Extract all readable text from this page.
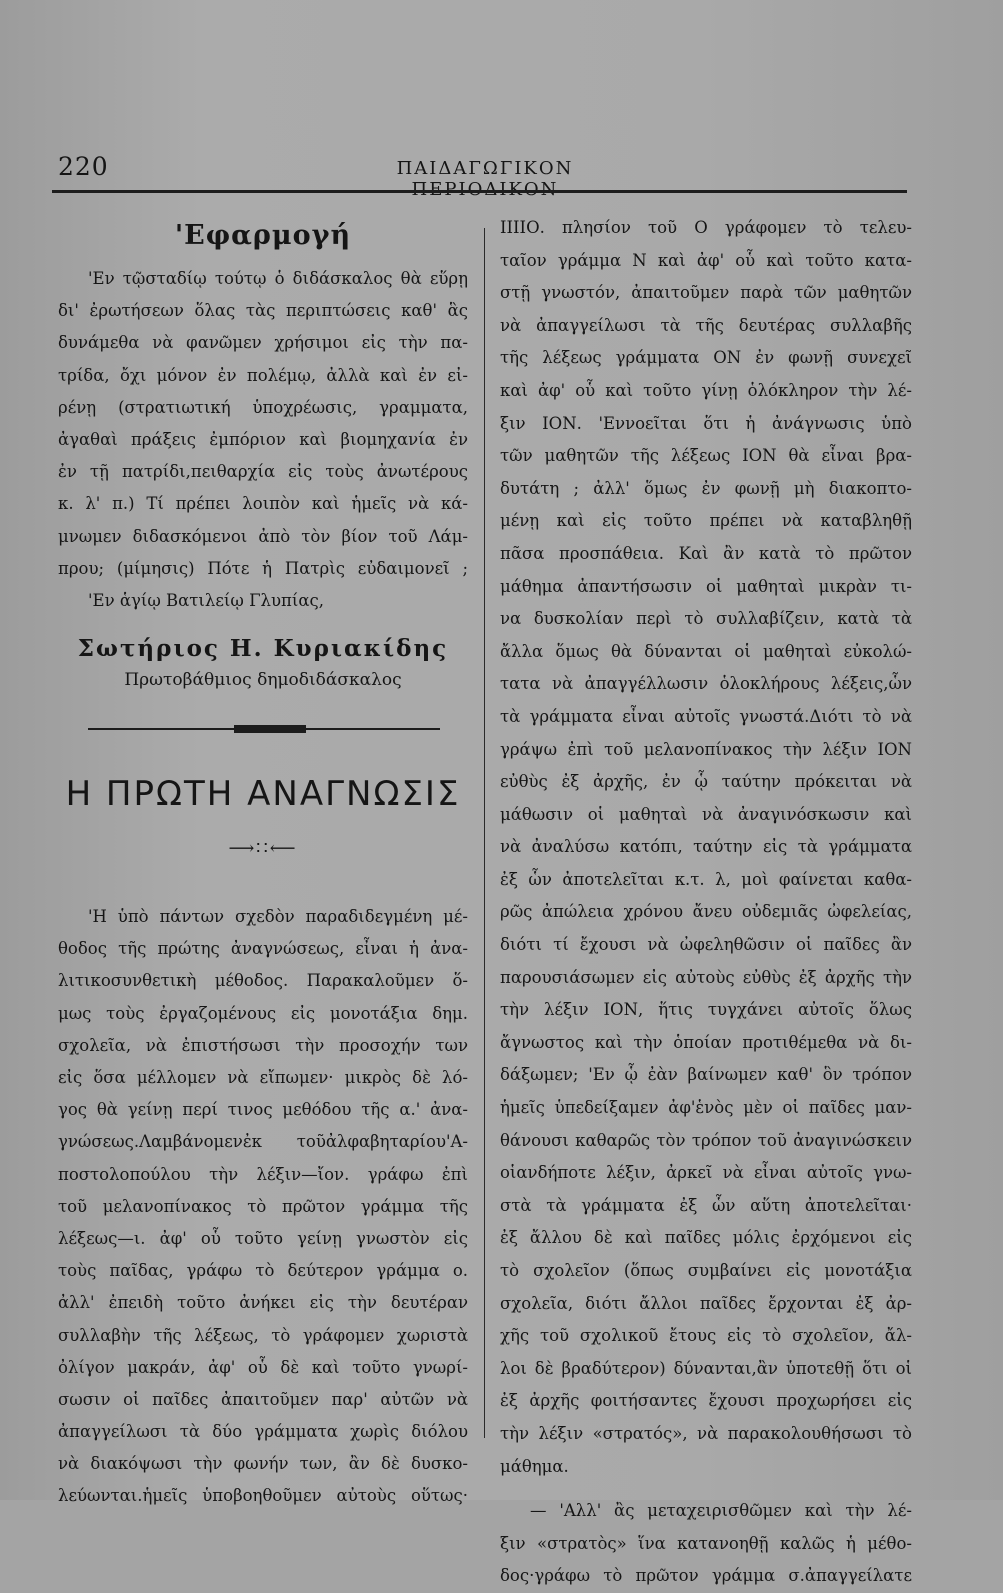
220	ΠΑΙΔΑΓΩΓΙΚΟΝ
'Εφαρμογή
'Εν τῷσταδίῳ τούτῳ ὁ διδάσκαλος θὰ εὕρῃ
δι' ἐρωτήσεων ὅλας τὰς περιπτώσεις καθ' ἃς
δυνάμεθα νὰ φανῶμεν χρήσιμοι εἰς τὴν πα-
τρίδα, ὄχι μόνον ἐν πολέμῳ, ἀλλὰ καὶ ἐν εἰ-
ρένῃ (στρατιωτική ὑποχρέωσις, γραμματα,
ἀγαθαὶ πράξεις ἐμπόριον καὶ βιομηχανία ἐν
ἐν τῇ πατρίδι,πειθαρχία εἰς τοὺς ἀνωτέρους
κ. λ' π.) Τί πρέπει λοιπὸν καὶ ἡμεῖς νὰ κά-
μνωμεν διδασκόμενοι ἀπὸ τὸν βίον τοῦ Λάμ-
πρου; (μίμησις) Πότε ἡ Πατρὶς εὐδαιμονεῖ ;
'Εν ἁγίῳ Βατιλείῳ Γλυπίας,
Σωτήριος Η. Κυριακίδης
Πρωτοβάθμιος δημοδιδάσκαλος
Η ΠΡΩΤΗ ΑΝΑΓΝΩΣΙΣ
⟶∷⟵
'Η ὑπὸ πάντων σχεδὸν παραδιδεγμένη μέ-
θοδος τῆς πρώτης ἀναγνώσεως, εἶναι ἡ ἀνα-
λιτικοσυνθετικὴ μέθοδος. Παρακαλοῦμεν ὅ-
μως τοὺς ἐργαζομένους εἰς μονοτάξια δημ.
σχολεῖα, νὰ ἐπιστήσωσι τὴν προσοχήν των
εἰς ὅσα μέλλομεν νὰ εἴπωμεν· μικρὸς δὲ λό-
γος θὰ γείνῃ περί τινος μεθόδου τῆς α.' ἀνα-
γνώσεως.Λαμβάνομενἐκ τοῦἀλφαβηταρίου'Α-
ποστολοπούλου τὴν λέξιν—ἴον. γράφω ἐπὶ
τοῦ μελανοπίνακος τὸ πρῶτον γράμμα τῆς
λέξεως—ι. ἀφ' οὗ τοῦτο γείνῃ γνωστὸν εἰς
τοὺς παῖδας, γράφω τὸ δεύτερον γράμμα ο.
ἀλλ' ἐπειδὴ τοῦτο ἀνήκει εἰς τὴν δευτέραν
συλλαβὴν τῆς λέξεως, τὸ γράφομεν χωριστὰ
ὀλίγον μακράν, ἀφ' οὗ δὲ καὶ τοῦτο γνωρί-
σωσιν οἱ παῖδες ἀπαιτοῦμεν παρ' αὐτῶν νὰ
ἀπαγγείλωσι τὰ δύο γράμματα χωρὶς διόλου
νὰ διακόψωσι τὴν φωνήν των, ἂν δὲ δυσκο-
λεύωνται.ἡμεῖς ὑποβοηθοῦμεν αὐτοὺς οὕτως·
ΙΙΙΙΟ. πλησίον τοῦ Ο γράφομεν τὸ τελευ-
ταῖον γράμμα Ν καὶ ἀφ' οὗ καὶ τοῦτο κατα-
στῇ γνωστόν, ἀπαιτοῦμεν παρὰ τῶν μαθητῶν
νὰ ἀπαγγείλωσι τὰ τῆς δευτέρας συλλαβῆς
τῆς λέξεως γράμματα ΟΝ ἐν φωνῇ συνεχεῖ
καὶ ἀφ' οὗ καὶ τοῦτο γίνῃ ὁλόκληρον τὴν λέ-
ξιν ΙΟΝ. 'Εννοεῖται ὅτι ἡ ἀνάγνωσις ὑπὸ
τῶν μαθητῶν τῆς λέξεως ΙΟΝ θὰ εἶναι βρα-
δυτάτη ; ἀλλ' ὅμως ἐν φωνῇ μὴ διακοπτο-
μένῃ καὶ εἰς τοῦτο πρέπει νὰ καταβληθῇ
πᾶσα προσπάθεια. Καὶ ἂν κατὰ τὸ πρῶτον
μάθημα ἀπαντήσωσιν οἱ μαθηταὶ μικρὰν τι-
να δυσκολίαν περὶ τὸ συλλαβίζειν, κατὰ τὰ
ἄλλα ὅμως θὰ δύνανται οἱ μαθηταὶ εὐκολώ-
τατα νὰ ἀπαγγέλλωσιν ὁλοκλήρους λέξεις,ὧν
τὰ γράμματα εἶναι αὐτοῖς γνωστά.Διότι τὸ νὰ
γράψω ἐπὶ τοῦ μελανοπίνακος τὴν λέξιν ΙΟΝ
εὐθὺς ἐξ ἀρχῆς, ἐν ᾧ ταύτην πρόκειται νὰ
μάθωσιν οἱ μαθηταὶ νὰ ἀναγινόσκωσιν καὶ
νὰ ἀναλύσω κατόπι, ταύτην εἰς τὰ γράμματα
ἐξ ὧν ἀποτελεῖται κ.τ. λ, μοὶ φαίνεται καθα-
ρῶς ἀπώλεια χρόνου ἄνευ οὐδεμιᾶς ὠφελείας,
διότι τί ἔχουσι νὰ ὠφεληθῶσιν οἱ παῖδες ἂν
παρουσιάσωμεν εἰς αὐτοὺς εὐθὺς ἐξ ἀρχῆς τὴν
τὴν λέξιν ΙΟΝ, ἥτις τυγχάνει αὐτοῖς ὅλως
ἄγνωστος καὶ τὴν ὁποίαν προτιθέμεθα νὰ δι-
δάξωμεν; 'Εν ᾧ ἐὰν βαίνωμεν καθ' ὃν τρόπον
ἡμεῖς ὑπεδείξαμεν ἀφ'ἑνὸς μὲν οἱ παῖδες μαν-
θάνουσι καθαρῶς τὸν τρόπον τοῦ ἀναγινώσκειν
οἱανδήποτε λέξιν, ἀρκεῖ νὰ εἶναι αὐτοῖς γνω-
στὰ τὰ γράμματα ἐξ ὧν αὕτη ἀποτελεῖται·
ἐξ ἄλλου δὲ καὶ παῖδες μόλις ἐρχόμενοι εἰς
τὸ σχολεῖον (ὅπως συμβαίνει εἰς μονοτάξια
σχολεῖα, διότι ἄλλοι παῖδες ἔρχονται ἐξ ἀρ-
χῆς τοῦ σχολικοῦ ἔτους εἰς τὸ σχολεῖον, ἄλ-
λοι δὲ βραδύτερον) δύνανται,ἂν ὑποτεθῇ ὅτι οἱ
ἐξ ἀρχῆς φοιτήσαντες ἔχουσι προχωρήσει εἰς
τὴν λέξιν «στρατός», νὰ παρακολουθήσωσι τὸ
μάθημα.
— 'Αλλ' ἂς μεταχειρισθῶμεν καὶ τὴν λέ-
ξιν «στρατὸς» ἵνα κατανοηθῇ καλῶς ἡ μέθο-
δος·γράφω τὸ πρῶτον γράμμα σ.ἀπαγγείλατε
